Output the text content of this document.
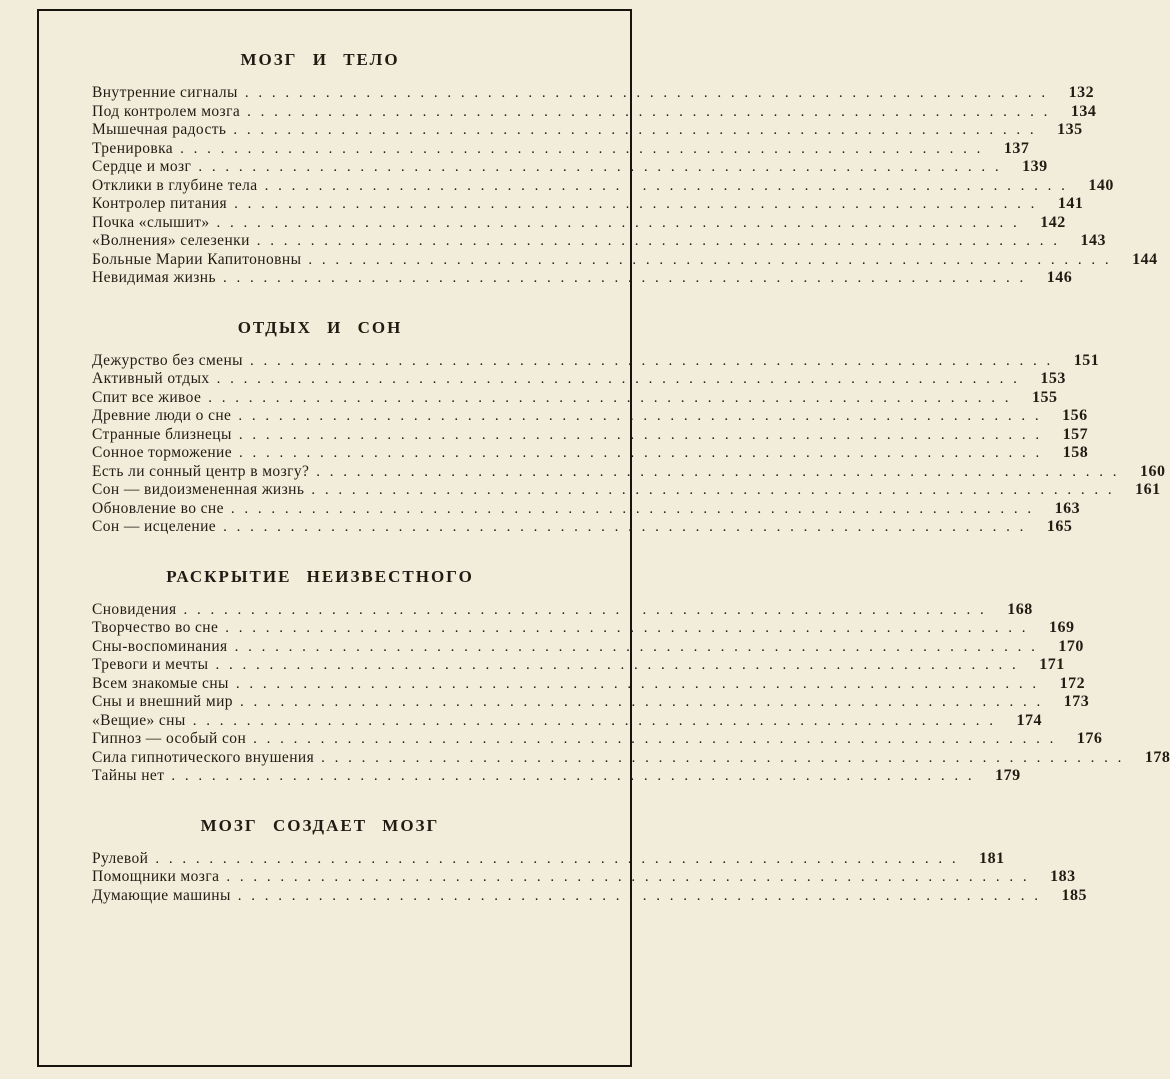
МОЗГ И ТЕЛО
Внутренние сигналы . . . . . . . . . . . . . . . . . . . . . . . . . . . . . . . . . . . . . . . . . . . . . . . . . . . . . . . . . . . .	132
Под контролем мозга . . . . . . . . . . . . . . . . . . . . . . . . . . . . . . . . . . . . . . . . . . . . . . . . . . . . . . . . . . . .	134
Мышечная радость . . . . . . . . . . . . . . . . . . . . . . . . . . . . . . . . . . . . . . . . . . . . . . . . . . . . . . . . . . . .	135
Тренировка . . . . . . . . . . . . . . . . . . . . . . . . . . . . . . . . . . . . . . . . . . . . . . . . . . . . . . . . . . . .	137
Сердце и мозг . . . . . . . . . . . . . . . . . . . . . . . . . . . . . . . . . . . . . . . . . . . . . . . . . . . . . . . . . . . .	139
Отклики в глубине тела . . . . . . . . . . . . . . . . . . . . . . . . . . . . . . . . . . . . . . . . . . . . . . . . . . . . . . . . . . . .	140
Контролер питания . . . . . . . . . . . . . . . . . . . . . . . . . . . . . . . . . . . . . . . . . . . . . . . . . . . . . . . . . . . .	141
Почка «слышит» . . . . . . . . . . . . . . . . . . . . . . . . . . . . . . . . . . . . . . . . . . . . . . . . . . . . . . . . . . . .	142
«Волнения» селезенки . . . . . . . . . . . . . . . . . . . . . . . . . . . . . . . . . . . . . . . . . . . . . . . . . . . . . . . . . . . .	143
Больные Марии Капитоновны . . . . . . . . . . . . . . . . . . . . . . . . . . . . . . . . . . . . . . . . . . . . . . . . . . . . . . . . . . . .	144
Невидимая жизнь . . . . . . . . . . . . . . . . . . . . . . . . . . . . . . . . . . . . . . . . . . . . . . . . . . . . . . . . . . . .	146
ОТДЫХ И СОН
Дежурство без смены . . . . . . . . . . . . . . . . . . . . . . . . . . . . . . . . . . . . . . . . . . . . . . . . . . . . . . . . . . . .	151
Активный отдых . . . . . . . . . . . . . . . . . . . . . . . . . . . . . . . . . . . . . . . . . . . . . . . . . . . . . . . . . . . .	153
Спит все живое . . . . . . . . . . . . . . . . . . . . . . . . . . . . . . . . . . . . . . . . . . . . . . . . . . . . . . . . . . . .	155
Древние люди о сне . . . . . . . . . . . . . . . . . . . . . . . . . . . . . . . . . . . . . . . . . . . . . . . . . . . . . . . . . . . .	156
Странные близнецы . . . . . . . . . . . . . . . . . . . . . . . . . . . . . . . . . . . . . . . . . . . . . . . . . . . . . . . . . . . .	157
Сонное торможение . . . . . . . . . . . . . . . . . . . . . . . . . . . . . . . . . . . . . . . . . . . . . . . . . . . . . . . . . . . .	158
Есть ли сонный центр в мозгу? . . . . . . . . . . . . . . . . . . . . . . . . . . . . . . . . . . . . . . . . . . . . . . . . . . . . . . . . . . . .	160
Сон — видоизмененная жизнь . . . . . . . . . . . . . . . . . . . . . . . . . . . . . . . . . . . . . . . . . . . . . . . . . . . . . . . . . . . .	161
Обновление во сне . . . . . . . . . . . . . . . . . . . . . . . . . . . . . . . . . . . . . . . . . . . . . . . . . . . . . . . . . . . .	163
Сон — исцеление . . . . . . . . . . . . . . . . . . . . . . . . . . . . . . . . . . . . . . . . . . . . . . . . . . . . . . . . . . . .	165
РАСКРЫТИЕ НЕИЗВЕСТНОГО
Сновидения . . . . . . . . . . . . . . . . . . . . . . . . . . . . . . . . . . . . . . . . . . . . . . . . . . . . . . . . . . . .	168
Творчество во сне . . . . . . . . . . . . . . . . . . . . . . . . . . . . . . . . . . . . . . . . . . . . . . . . . . . . . . . . . . . .	169
Сны-воспоминания . . . . . . . . . . . . . . . . . . . . . . . . . . . . . . . . . . . . . . . . . . . . . . . . . . . . . . . . . . . .	170
Тревоги и мечты . . . . . . . . . . . . . . . . . . . . . . . . . . . . . . . . . . . . . . . . . . . . . . . . . . . . . . . . . . . .	171
Всем знакомые сны . . . . . . . . . . . . . . . . . . . . . . . . . . . . . . . . . . . . . . . . . . . . . . . . . . . . . . . . . . . .	172
Сны и внешний мир . . . . . . . . . . . . . . . . . . . . . . . . . . . . . . . . . . . . . . . . . . . . . . . . . . . . . . . . . . . .	173
«Вещие» сны . . . . . . . . . . . . . . . . . . . . . . . . . . . . . . . . . . . . . . . . . . . . . . . . . . . . . . . . . . . .	174
Гипноз — особый сон . . . . . . . . . . . . . . . . . . . . . . . . . . . . . . . . . . . . . . . . . . . . . . . . . . . . . . . . . . . .	176
Сила гипнотического внушения . . . . . . . . . . . . . . . . . . . . . . . . . . . . . . . . . . . . . . . . . . . . . . . . . . . . . . . . . . . .	178
Тайны нет . . . . . . . . . . . . . . . . . . . . . . . . . . . . . . . . . . . . . . . . . . . . . . . . . . . . . . . . . . . .	179
МОЗГ СОЗДАЕТ МОЗГ
Рулевой . . . . . . . . . . . . . . . . . . . . . . . . . . . . . . . . . . . . . . . . . . . . . . . . . . . . . . . . . . . .	181
Помощники мозга . . . . . . . . . . . . . . . . . . . . . . . . . . . . . . . . . . . . . . . . . . . . . . . . . . . . . . . . . . . .	183
Думающие машины . . . . . . . . . . . . . . . . . . . . . . . . . . . . . . . . . . . . . . . . . . . . . . . . . . . . . . . . . . . .	185
